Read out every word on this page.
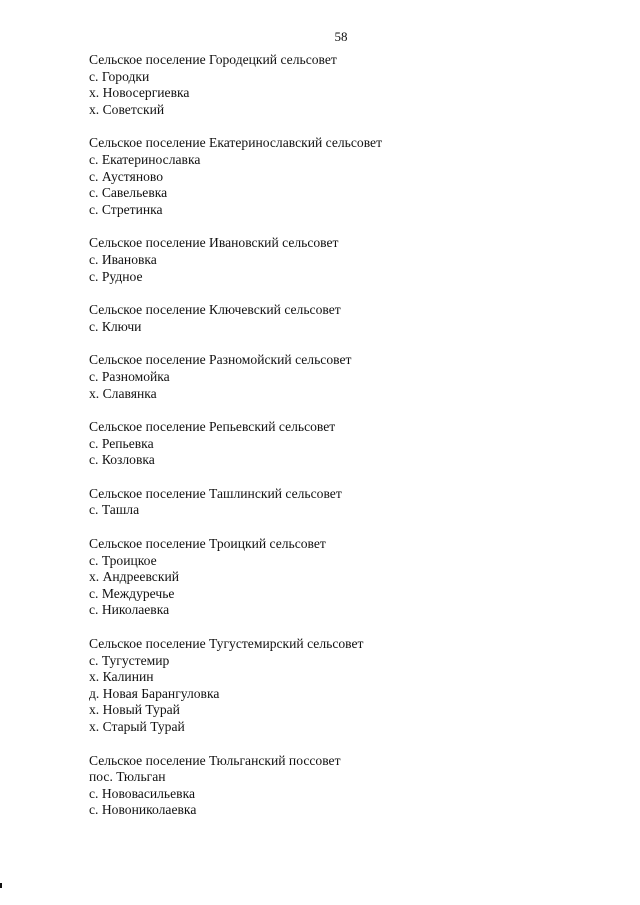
58
Сельское поселение Городецкий сельсовет
с. Городки
х. Новосергиевка
х. Советский
Сельское поселение Екатеринославский сельсовет
с. Екатеринославка
с. Аустяново
с. Савельевка
с. Стретинка
Сельское поселение Ивановский сельсовет
с. Ивановка
с. Рудное
Сельское поселение Ключевский сельсовет
с. Ключи
Сельское поселение Разномойский сельсовет
с. Разномойка
х. Славянка
Сельское поселение Репьевский сельсовет
с. Репьевка
с. Козловка
Сельское поселение Ташлинский сельсовет
с. Ташла
Сельское поселение Троицкий сельсовет
с. Троицкое
х. Андреевский
с. Междуречье
с. Николаевка
Сельское поселение Тугустемирский сельсовет
с. Тугустемир
х. Калинин
д. Новая Барангуловка
х. Новый Турай
х. Старый Турай
Сельское поселение Тюльганский поссовет
пос. Тюльган
с. Нововасильевка
с. Новониколаевка
